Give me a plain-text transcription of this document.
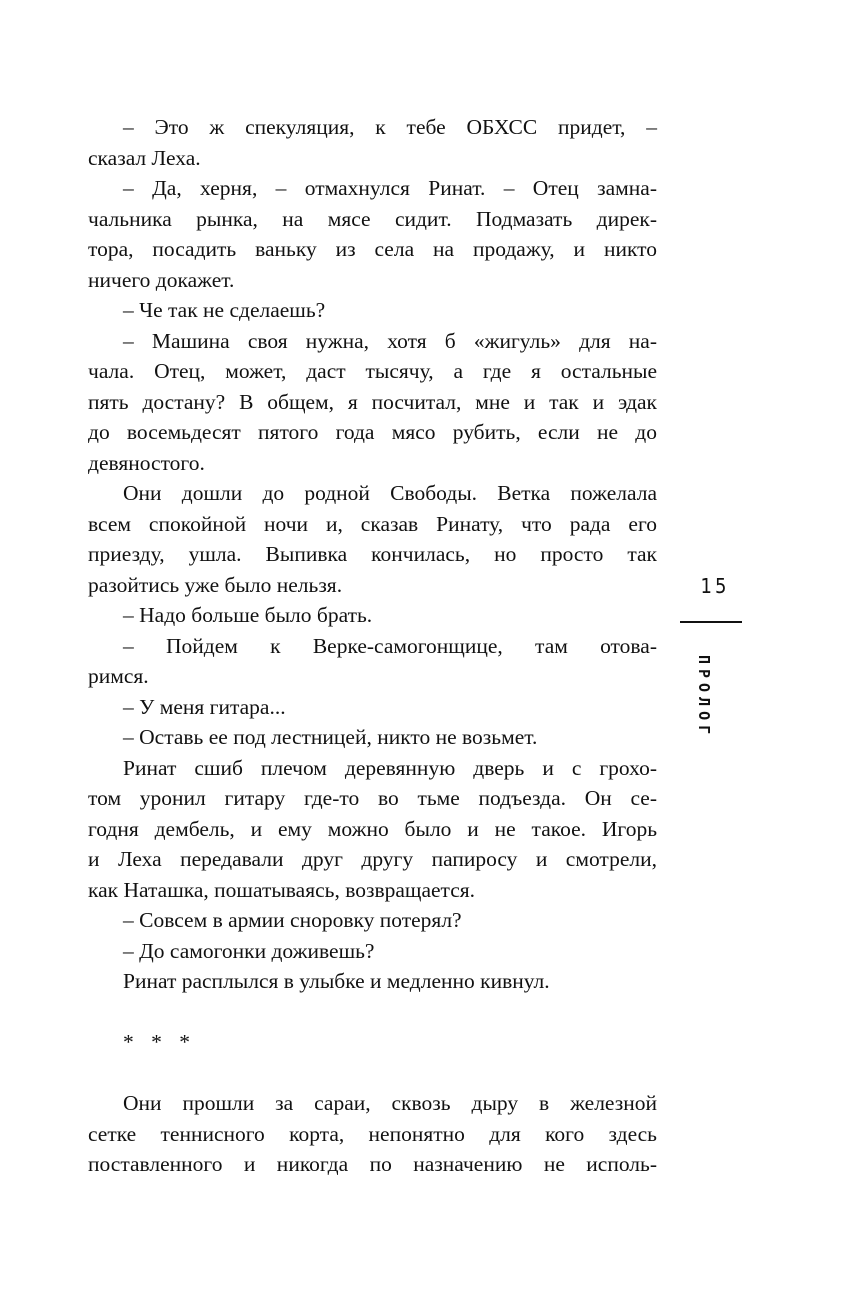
– Это ж спекуляция, к тебе ОБХСС придет, –
сказал Леха.
– Да, херня, – отмахнулся Ринат. – Отец замна-
чальника рынка, на мясе сидит. Подмазать дирек-
тора, посадить ваньку из села на продажу, и никто
ничего докажет.
– Че так не сделаешь?
– Машина своя нужна, хотя б «жигуль» для на-
чала. Отец, может, даст тысячу, а где я остальные
пять достану? В общем, я посчитал, мне и так и эдак
до восемьдесят пятого года мясо рубить, если не до
девяностого.
Они дошли до родной Свободы. Ветка пожелала
всем спокойной ночи и, сказав Ринату, что рада его
приезду, ушла. Выпивка кончилась, но просто так
разойтись уже было нельзя.
– Надо больше было брать.
– Пойдем к Верке-самогонщице, там отова-
римся.
– У меня гитара...
– Оставь ее под лестницей, никто не возьмет.
Ринат сшиб плечом деревянную дверь и с грохо-
том уронил гитару где-то во тьме подъезда. Он се-
годня дембель, и ему можно было и не такое. Игорь
и Леха передавали друг другу папиросу и смотрели,
как Наташка, пошатываясь, возвращается.
– Совсем в армии сноровку потерял?
– До самогонки доживешь?
Ринат расплылся в улыбке и медленно кивнул.
* * *
Они прошли за сараи, сквозь дыру в железной
сетке теннисного корта, непонятно для кого здесь
поставленного и никогда по назначению не исполь-
15
ПРОЛОГ
